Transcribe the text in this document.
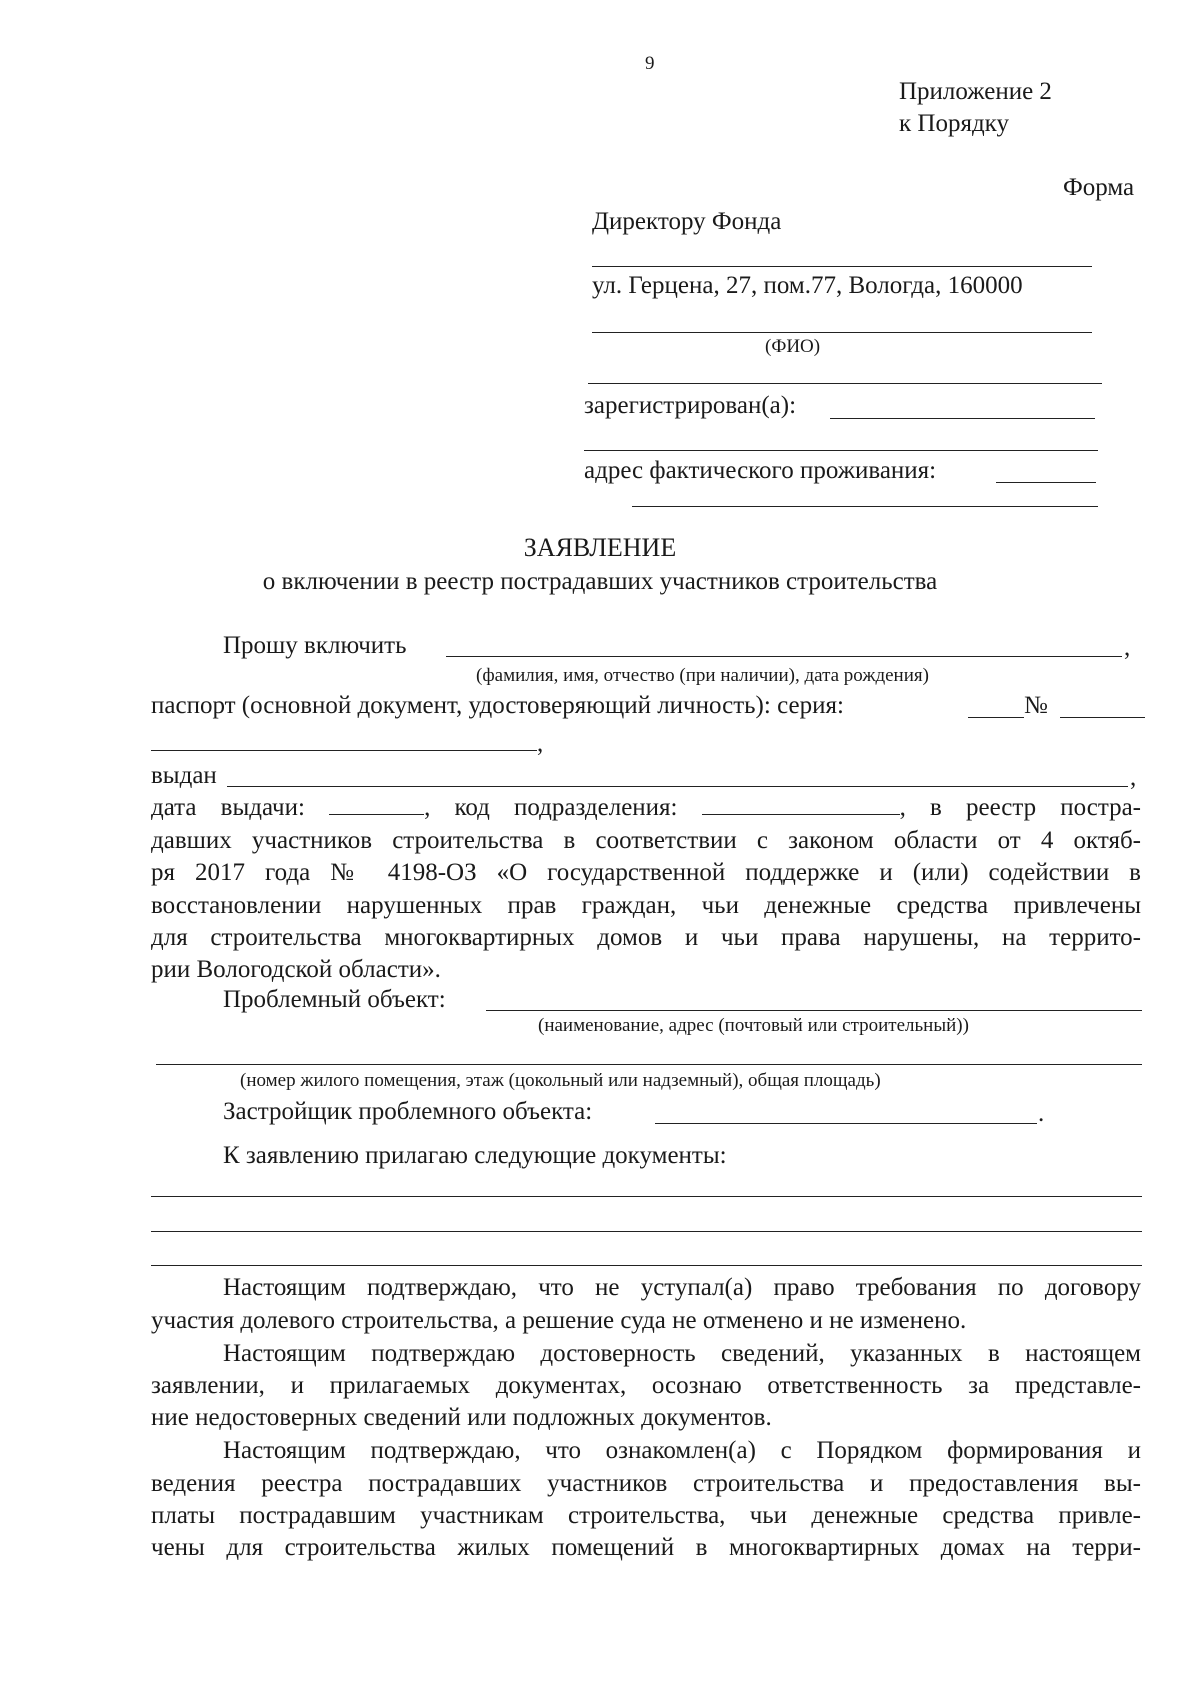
9
Приложение 2
к Порядку
Форма
Директору Фонда
ул. Герцена, 27, пом.77, Вологда, 160000
(ФИО)
зарегистрирован(а):
адрес фактического проживания:
ЗАЯВЛЕНИЕ
о включении в реестр пострадавших участников строительства
Прошу включить	,
(фамилия, имя, отчество (при наличии), дата рождения)
паспорт (основной документ, удостоверяющий личность): серия:	№
,
выдан	,
дата выдачи:	, код подразделения:	, в реестр постра-
давших участников строительства в соответствии с законом области от 4 октяб-
ря 2017 года № 4198-ОЗ «О государственной поддержке и (или) содействии в
восстановлении нарушенных прав граждан, чьи денежные средства привлечены
для строительства многоквартирных домов и чьи права нарушены, на террито-
рии Вологодской области».
Проблемный объект:
(наименование, адрес (почтовый или строительный))
(номер жилого помещения, этаж (цокольный или надземный), общая площадь)
Застройщик проблемного объекта:	.
К заявлению прилагаю следующие документы:
Настоящим подтверждаю, что не уступал(а) право требования по договору
участия долевого строительства, а решение суда не отменено и не изменено.
Настоящим подтверждаю достоверность сведений, указанных в настоящем
заявлении, и прилагаемых документах, осознаю ответственность за представле-
ние недостоверных сведений или подложных документов.
Настоящим подтверждаю, что ознакомлен(а) с Порядком формирования и
ведения реестра пострадавших участников строительства и предоставления вы-
платы пострадавшим участникам строительства, чьи денежные средства привле-
чены для строительства жилых помещений в многоквартирных домах на терри-
